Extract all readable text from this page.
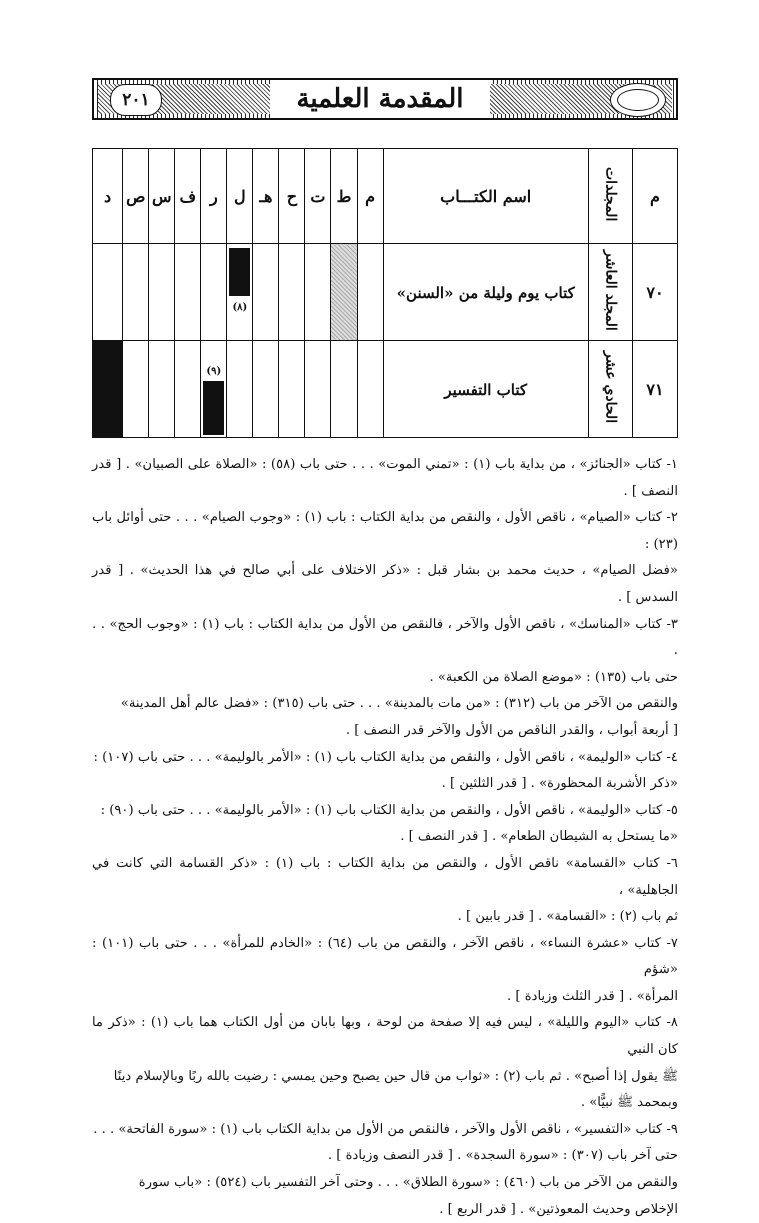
٢٠١	المقدمة العلمية
م	المجلدات	اسم الكتـــاب	م	ط	ت	ح	هـ	ل	ر	ف	س	ص	د
٧٠	المجلد العاشر	كتاب يوم وليلة من «السنن»						(٨)					

٧١	الحادي عشر	كتاب التفسير							(٩)				

١- كتاب «الجنائز» ، من بداية باب (١) : «تمني الموت» . . . حتى باب (٥٨) : «الصلاة على الصبيان» . [ قدر النصف ] .

٢- كتاب «الصيام» ، ناقص الأول ، والنقص من بداية الكتاب : باب (١) : «وجوب الصيام» . . . حتى أوائل باب (٢٣) :

«فضل الصيام» ، حديث محمد بن بشار قبل : «ذكر الاختلاف على أبي صالح في هذا الحديث» . [ قدر السدس ] .

٣- كتاب «المناسك» ، ناقص الأول والآخر ، فالنقص من الأول من بداية الكتاب : باب (١) : «وجوب الحج» . . .

حتى باب (١٣٥) : «موضع الصلاة من الكعبة» .

والنقص من الآخر من باب (٣١٢) : «من مات بالمدينة» . . . حتى باب (٣١٥) : «فضل عالم أهل المدينة»

[ أربعة أبواب ، والقدر الناقص من الأول والآخر قدر النصف ] .

٤- كتاب «الوليمة» ، ناقص الأول ، والنقص من بداية الكتاب باب (١) : «الأمر بالوليمة» . . . حتى باب (١٠٧) :

«ذكر الأشربة المحظورة» . [ قدر الثلثين ] .

٥- كتاب «الوليمة» ، ناقص الأول ، والنقص من بداية الكتاب باب (١) : «الأمر بالوليمة» . . . حتى باب (٩٠) :

«ما يستحل به الشيطان الطعام» . [ قدر النصف ] .

٦- كتاب «القسامة» ناقص الأول ، والنقص من بداية الكتاب : باب (١) : «ذكر القسامة التي كانت في الجاهلية» ،

ثم باب (٢) : «القسامة» . [ قدر بابين ] .

٧- كتاب «عشرة النساء» ، ناقص الآخر ، والنقص من باب (٦٤) : «الخادم للمرأة» . . . حتى باب (١٠١) : «شؤم

المرأة» . [ قدر الثلث وزيادة ] .

٨- كتاب «اليوم والليلة» ، ليس فيه إلا صفحة من لوحة ، وبها بابان من أول الكتاب هما باب (١) : «ذكر ما كان النبي

ﷺ يقول إذا أصبح» . ثم باب (٢) : «ثواب من قال حين يصبح وحين يمسي : رضيت بالله ربًا وبالإسلام دينًا

وبمحمد ﷺ نبيًّا» .

٩- كتاب «التفسير» ، ناقص الأول والآخر ، فالنقص من الأول من بداية الكتاب باب (١) : «سورة الفاتحة» . . .

حتى آخر باب (٣٠٧) : «سورة السجدة» . [ قدر النصف وزيادة ] .

والنقص من الآخر من باب (٤٦٠) : «سورة الطلاق» . . . وحتى آخر التفسير باب (٥٢٤) : «باب سورة

الإخلاص وحديث المعوذتين» . [ قدر الربع ] .
